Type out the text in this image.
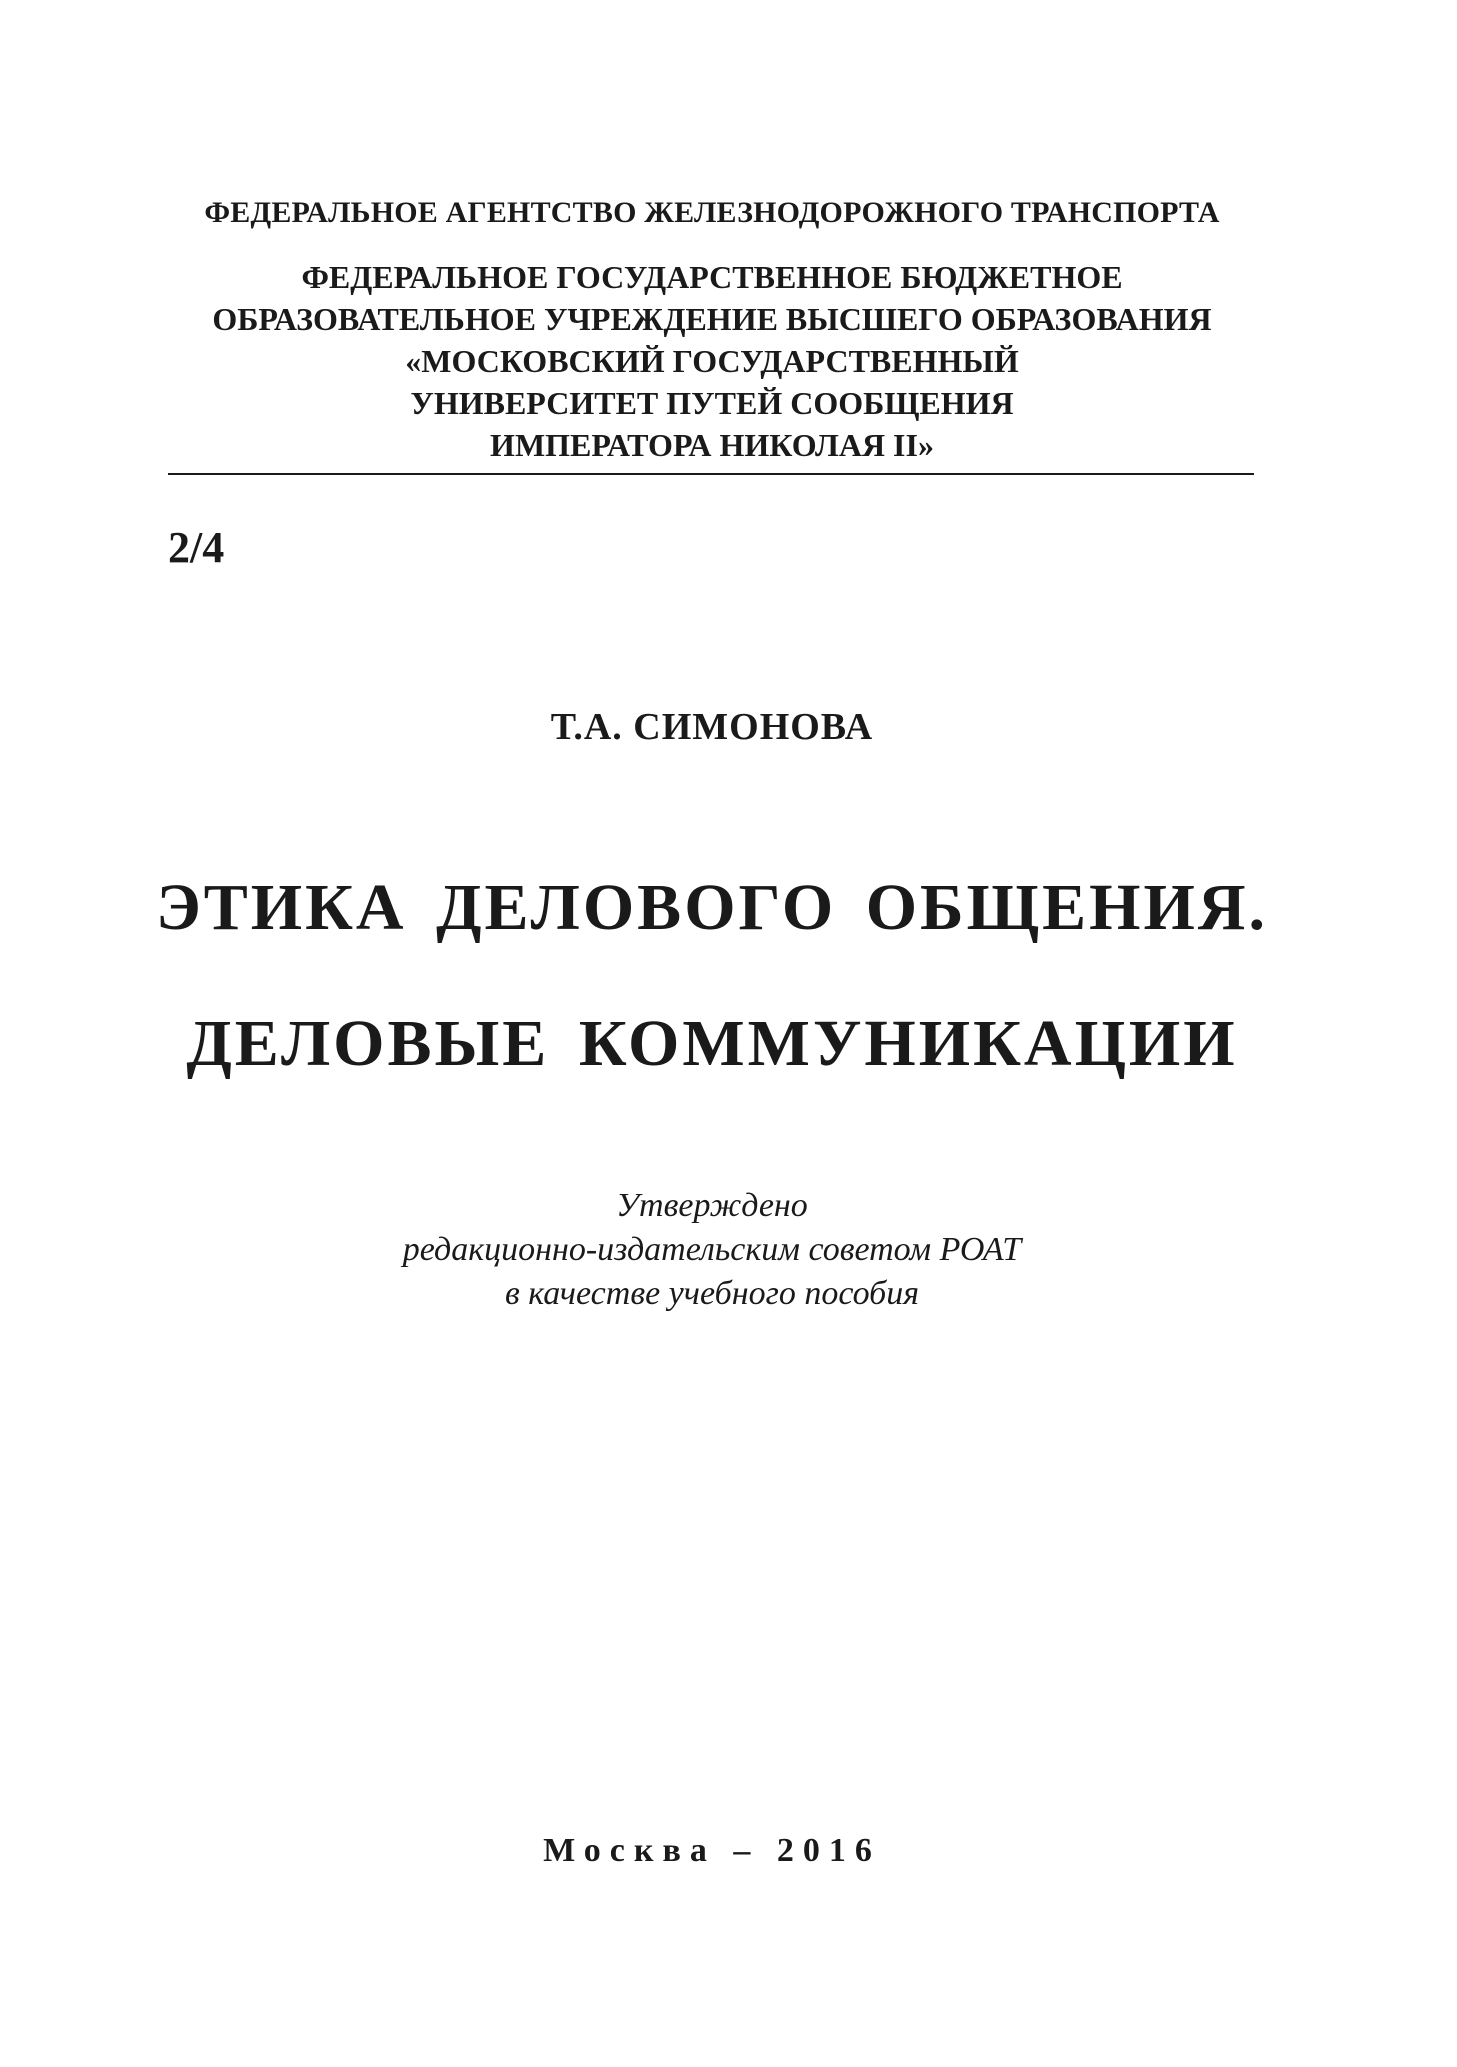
ФЕДЕРАЛЬНОЕ АГЕНТСТВО ЖЕЛЕЗНОДОРОЖНОГО ТРАНСПОРТА
ФЕДЕРАЛЬНОЕ ГОСУДАРСТВЕННОЕ БЮДЖЕТНОЕ
ОБРАЗОВАТЕЛЬНОЕ УЧРЕЖДЕНИЕ ВЫСШЕГО ОБРАЗОВАНИЯ
«МОСКОВСКИЙ ГОСУДАРСТВЕННЫЙ
УНИВЕРСИТЕТ ПУТЕЙ СООБЩЕНИЯ
ИМПЕРАТОРА НИКОЛАЯ II»
2/4
Т.А. СИМОНОВА
ЭТИКА ДЕЛОВОГО ОБЩЕНИЯ.
ДЕЛОВЫЕ КОММУНИКАЦИИ
Утверждено
редакционно-издательским советом РОАТ
в качестве учебного пособия
Москва – 2016
